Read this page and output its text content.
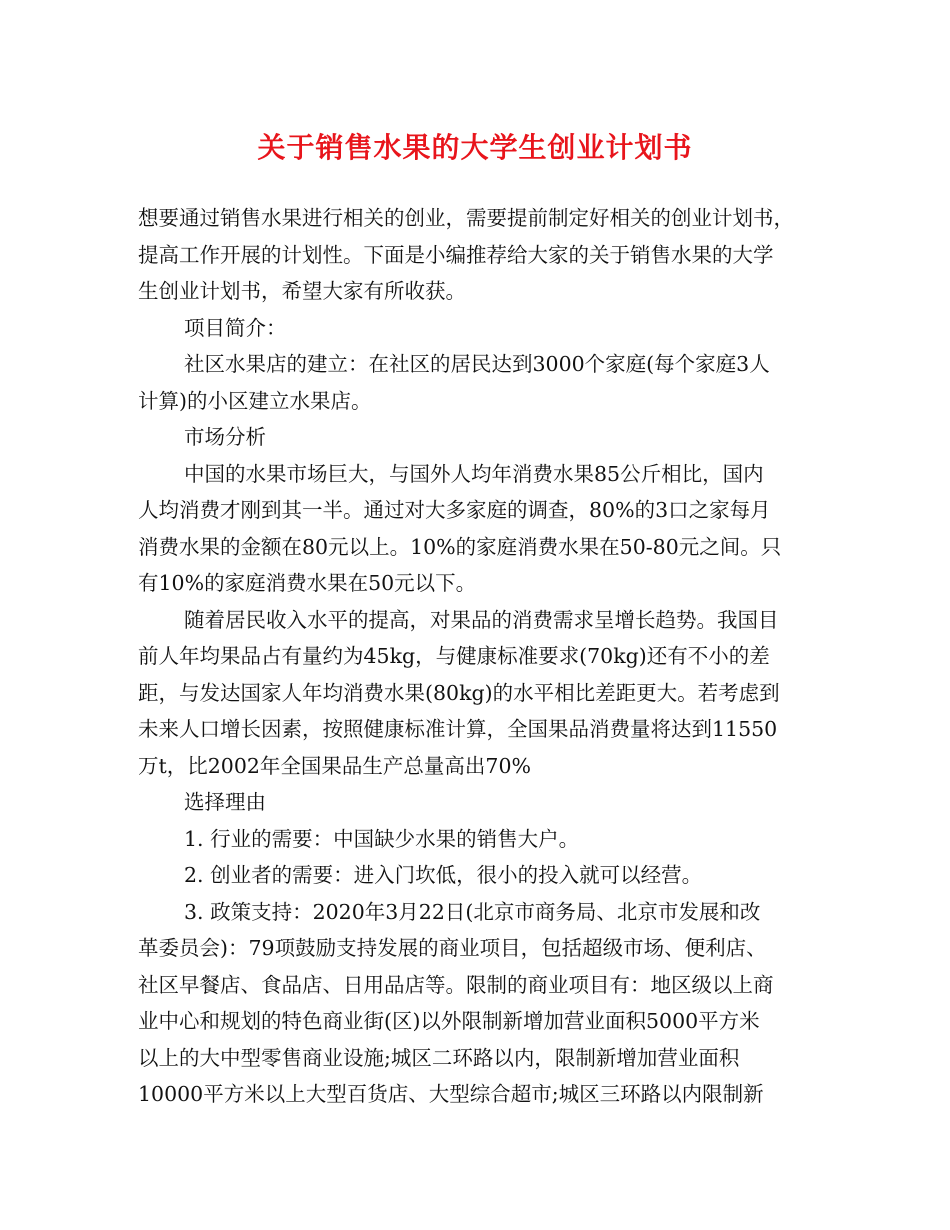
关于销售水果的大学生创业计划书
想要通过销售水果进行相关的创业，需要提前制定好相关的创业计划书，
提高工作开展的计划性。下面是小编推荐给大家的关于销售水果的大学
生创业计划书，希望大家有所收获。
项目简介：
社区水果店的建立：在社区的居民达到3000个家庭(每个家庭3人
计算)的小区建立水果店。
市场分析
中国的水果市场巨大，与国外人均年消费水果85公斤相比，国内
人均消费才刚到其一半。通过对大多家庭的调查，80%的3口之家每月
消费水果的金额在80元以上。10%的家庭消费水果在50-80元之间。只
有10%的家庭消费水果在50元以下。
随着居民收入水平的提高，对果品的消费需求呈增长趋势。我国目
前人年均果品占有量约为45kg，与健康标准要求(70kg)还有不小的差
距，与发达国家人年均消费水果(80kg)的水平相比差距更大。若考虑到
未来人口增长因素，按照健康标准计算，全国果品消费量将达到11550
万t，比2002年全国果品生产总量高出70%
选择理由
1. 行业的需要：中国缺少水果的销售大户。
2. 创业者的需要：进入门坎低，很小的投入就可以经营。
3. 政策支持：2020年3月22日(北京市商务局、北京市发展和改
革委员会)：79项鼓励支持发展的商业项目，包括超级市场、便利店、
社区早餐店、食品店、日用品店等。限制的商业项目有：地区级以上商
业中心和规划的特色商业街(区)以外限制新增加营业面积5000平方米
以上的大中型零售商业设施;城区二环路以内，限制新增加营业面积
10000平方米以上大型百货店、大型综合超市;城区三环路以内限制新
